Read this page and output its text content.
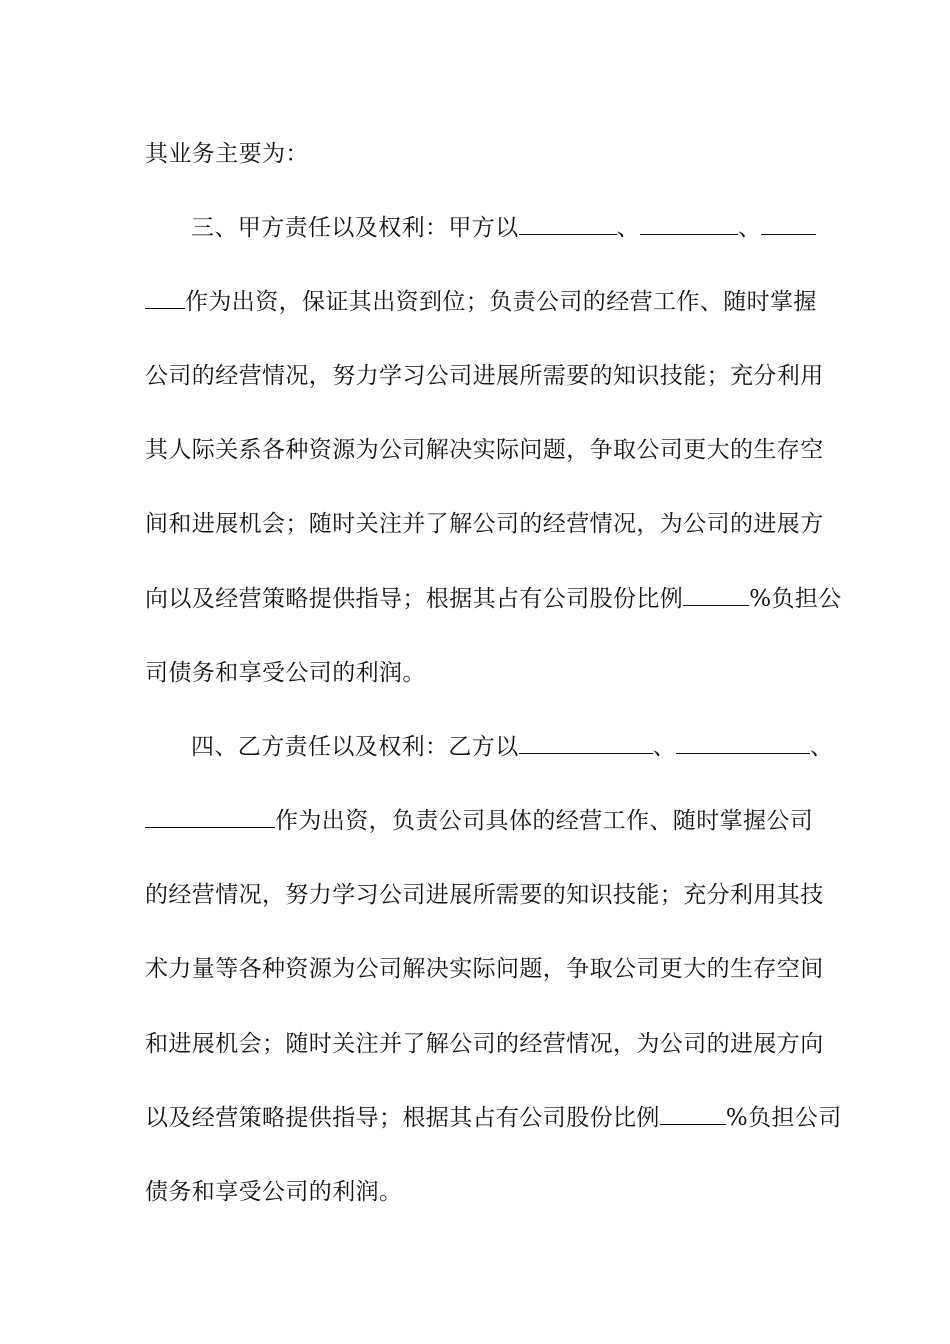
其业务主要为：
三、甲方责任以及权利：甲方以	、	、
作为出资，保证其出资到位；负责公司的经营工作、随时掌握
公司的经营情况，努力学习公司进展所需要的知识技能；充分利用
其人际关系各种资源为公司解决实际问题，争取公司更大的生存空
间和进展机会；随时关注并了解公司的经营情况，为公司的进展方
向以及经营策略提供指导；根据其占有公司股份比例	%负担公
司债务和享受公司的利润。
四、乙方责任以及权利：乙方以	、	、
作为出资，负责公司具体的经营工作、随时掌握公司
的经营情况，努力学习公司进展所需要的知识技能；充分利用其技
术力量等各种资源为公司解决实际问题，争取公司更大的生存空间
和进展机会；随时关注并了解公司的经营情况，为公司的进展方向
以及经营策略提供指导；根据其占有公司股份比例	%负担公司
债务和享受公司的利润。
